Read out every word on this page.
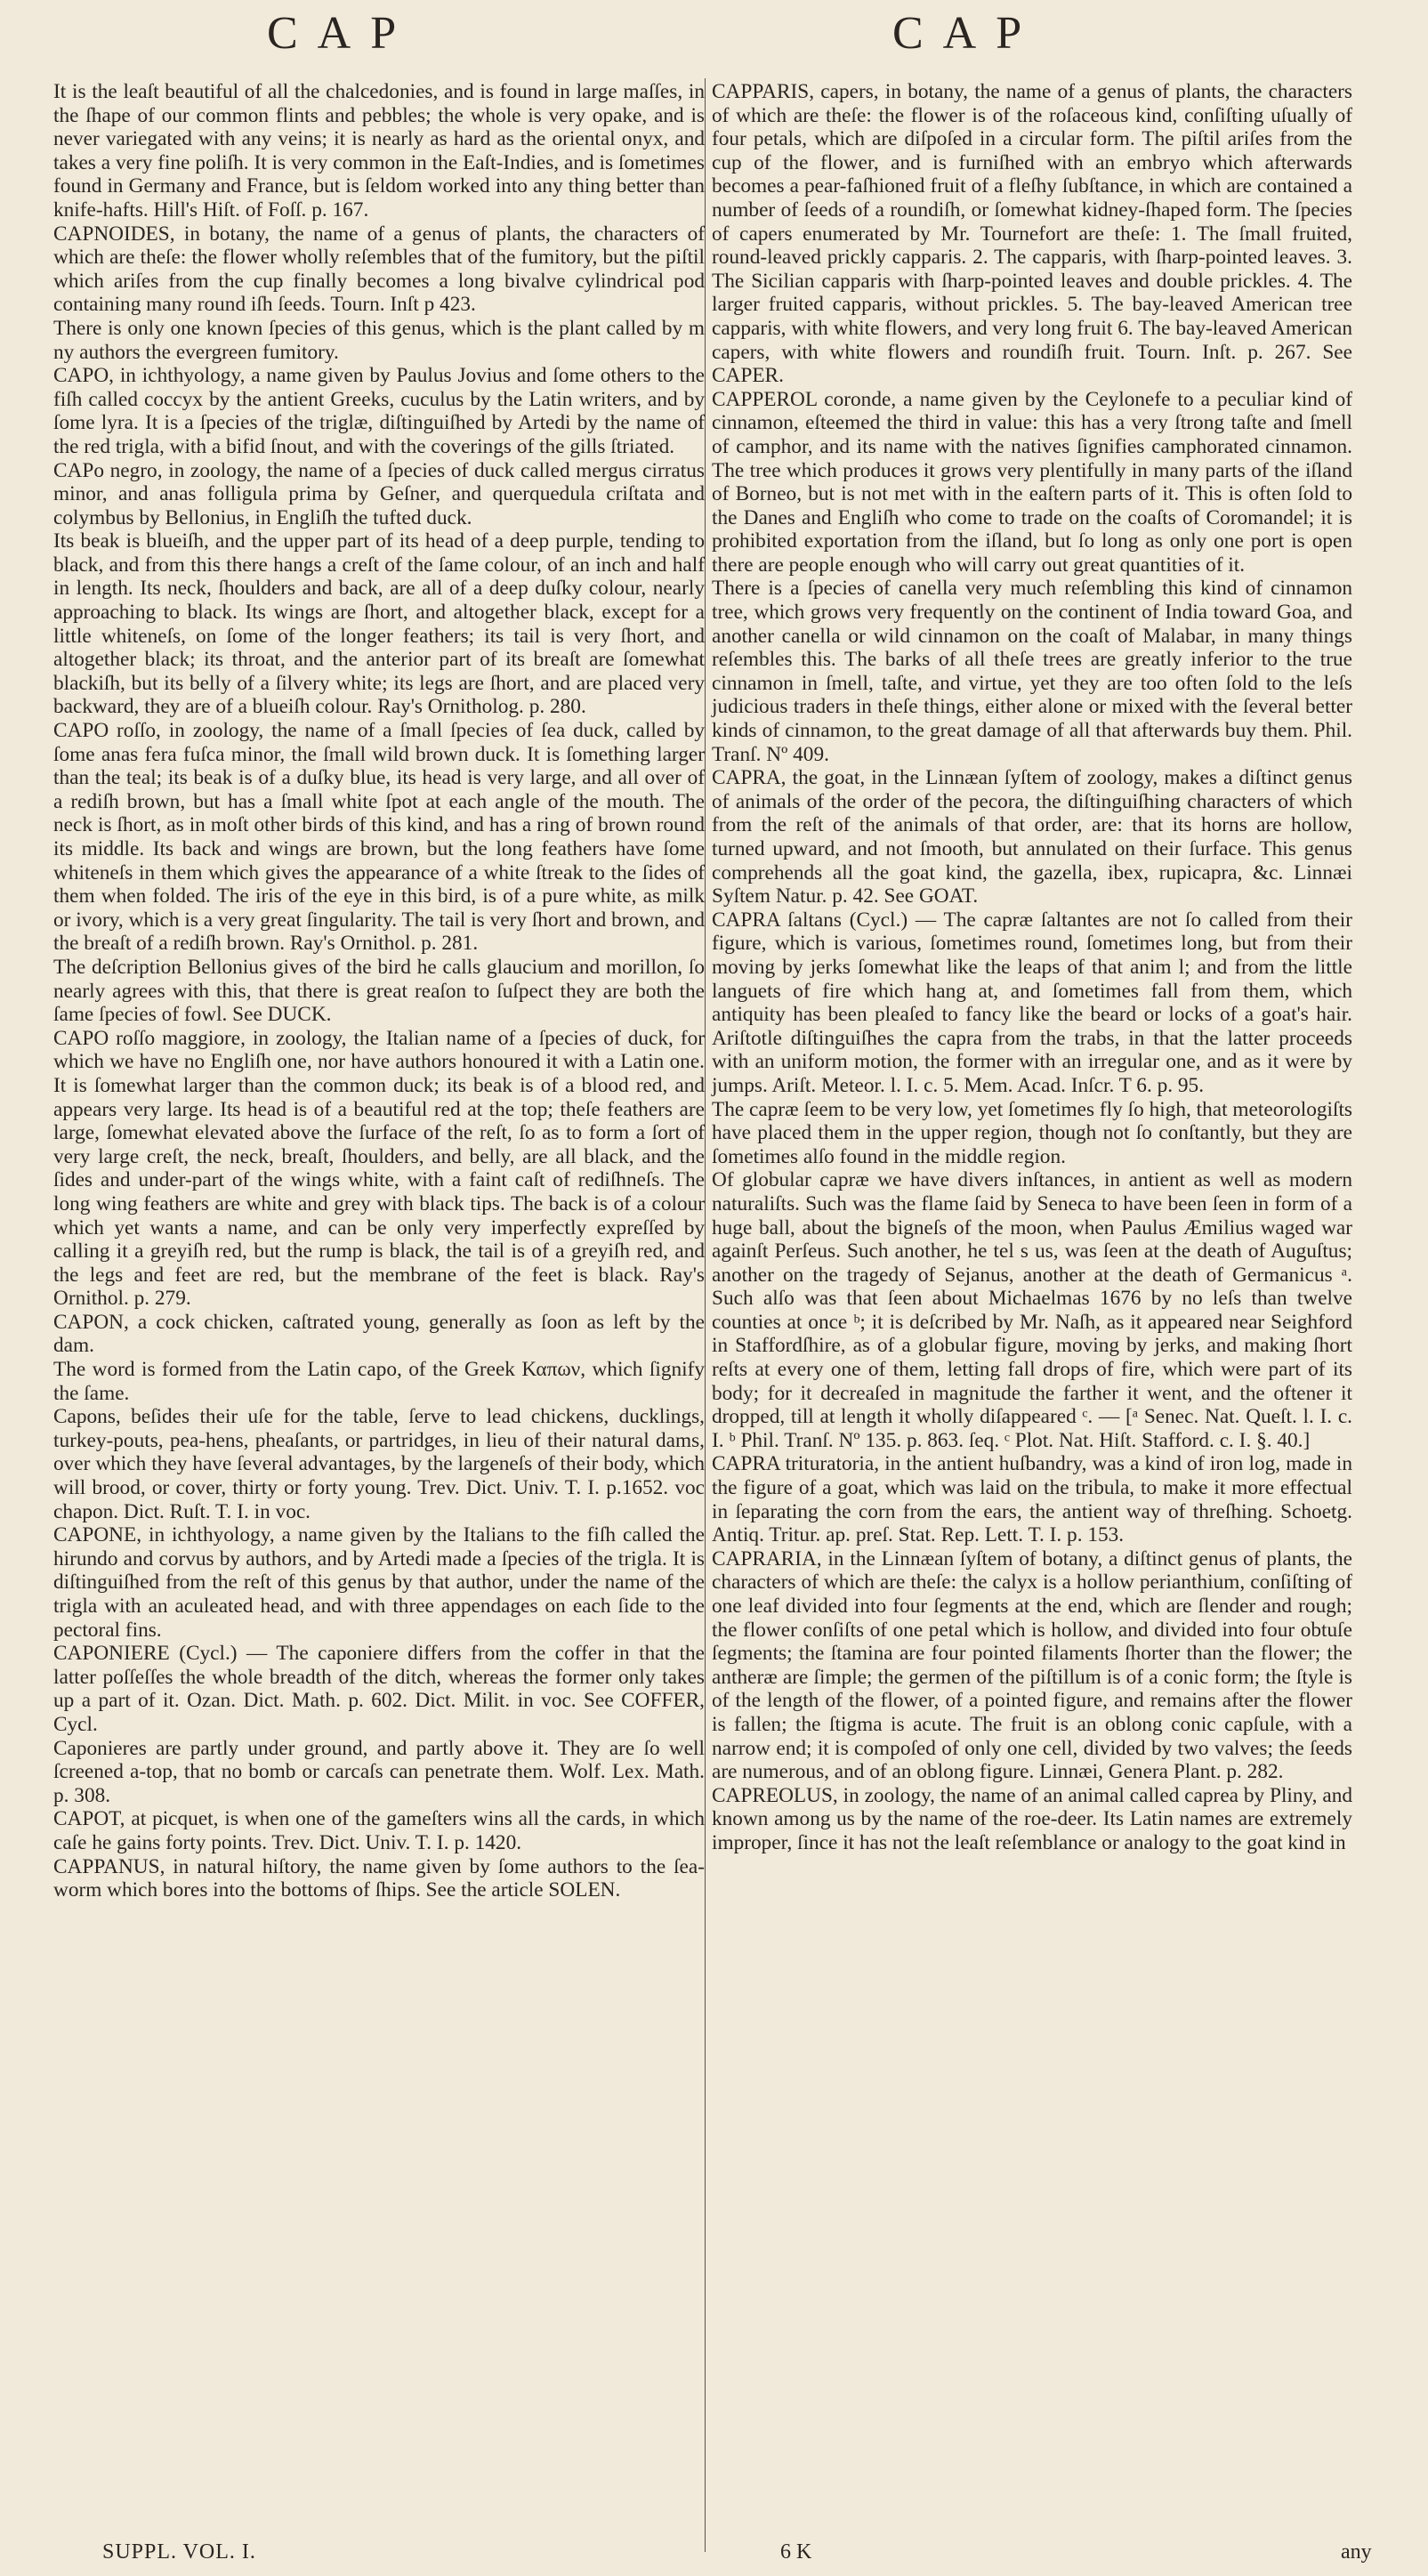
CAP	CAP

It is the leaſt beautiful of all the chalcedonies, and is found in large maſſes, in the ſhape of our common flints and pebbles; the whole is very opake, and is never variegated with any veins; it is nearly as hard as the oriental onyx, and takes a very fine poliſh. It is very common in the Eaſt-Indies, and is ſometimes found in Germany and France, but is ſeldom worked into any thing better than knife-hafts. Hill's Hiſt. of Foſſ. p. 167.

CAPNOIDES, in botany, the name of a genus of plants, the characters of which are theſe: the flower wholly reſembles that of the fumitory, but the piſtil which ariſes from the cup finally becomes a long bivalve cylindrical pod containing many round iſh ſeeds. Tourn. Inſt p 423.

There is only one known ſpecies of this genus, which is the plant called by m ny authors the evergreen fumitory.

CAPO, in ichthyology, a name given by Paulus Jovius and ſome others to the fiſh called coccyx by the antient Greeks, cuculus by the Latin writers, and by ſome lyra. It is a ſpecies of the triglæ, diſtinguiſhed by Artedi by the name of the red trigla, with a bifid ſnout, and with the coverings of the gills ſtriated.

CAPo negro, in zoology, the name of a ſpecies of duck called mergus cirratus minor, and anas folligula prima by Geſner, and querquedula criſtata and colymbus by Bellonius, in Engliſh the tufted duck.

Its beak is blueiſh, and the upper part of its head of a deep purple, tending to black, and from this there hangs a creſt of the ſame colour, of an inch and half in length. Its neck, ſhoulders and back, are all of a deep duſky colour, nearly approaching to black. Its wings are ſhort, and altogether black, except for a little whiteneſs, on ſome of the longer feathers; its tail is very ſhort, and altogether black; its throat, and the anterior part of its breaſt are ſomewhat blackiſh, but its belly of a ſilvery white; its legs are ſhort, and are placed very backward, they are of a blueiſh colour. Ray's Ornitholog. p. 280.

CAPO roſſo, in zoology, the name of a ſmall ſpecies of ſea duck, called by ſome anas fera fuſca minor, the ſmall wild brown duck. It is ſomething larger than the teal; its beak is of a duſky blue, its head is very large, and all over of a rediſh brown, but has a ſmall white ſpot at each angle of the mouth. The neck is ſhort, as in moſt other birds of this kind, and has a ring of brown round its middle. Its back and wings are brown, but the long feathers have ſome whiteneſs in them which gives the appearance of a white ſtreak to the ſides of them when folded. The iris of the eye in this bird, is of a pure white, as milk or ivory, which is a very great ſingularity. The tail is very ſhort and brown, and the breaſt of a rediſh brown. Ray's Ornithol. p. 281.

The deſcription Bellonius gives of the bird he calls glaucium and morillon, ſo nearly agrees with this, that there is great reaſon to ſuſpect they are both the ſame ſpecies of fowl. See DUCK.

CAPO roſſo maggiore, in zoology, the Italian name of a ſpecies of duck, for which we have no Engliſh one, nor have authors honoured it with a Latin one. It is ſomewhat larger than the common duck; its beak is of a blood red, and appears very large. Its head is of a beautiful red at the top; theſe feathers are large, ſomewhat elevated above the ſurface of the reſt, ſo as to form a ſort of very large creſt, the neck, breaſt, ſhoulders, and belly, are all black, and the ſides and under-part of the wings white, with a faint caſt of rediſhneſs. The long wing feathers are white and grey with black tips. The back is of a colour which yet wants a name, and can be only very imperfectly expreſſed by calling it a greyiſh red, but the rump is black, the tail is of a greyiſh red, and the legs and feet are red, but the membrane of the feet is black. Ray's Ornithol. p. 279.

CAPON, a cock chicken, caſtrated young, generally as ſoon as left by the dam.

The word is formed from the Latin capo, of the Greek Καπων, which ſignify the ſame.

Capons, beſides their uſe for the table, ſerve to lead chickens, ducklings, turkey-pouts, pea-hens, pheaſants, or partridges, in lieu of their natural dams, over which they have ſeveral advantages, by the largeneſs of their body, which will brood, or cover, thirty or forty young. Trev. Dict. Univ. T. I. p.1652. voc chapon. Dict. Ruſt. T. I. in voc.

CAPONE, in ichthyology, a name given by the Italians to the fiſh called the hirundo and corvus by authors, and by Artedi made a ſpecies of the trigla. It is diſtinguiſhed from the reſt of this genus by that author, under the name of the trigla with an aculeated head, and with three appendages on each ſide to the pectoral fins.

CAPONIERE (Cycl.) — The caponiere differs from the coffer in that the latter poſſeſſes the whole breadth of the ditch, whereas the former only takes up a part of it. Ozan. Dict. Math. p. 602. Dict. Milit. in voc. See COFFER, Cycl.

Caponieres are partly under ground, and partly above it. They are ſo well ſcreened a-top, that no bomb or carcaſs can penetrate them. Wolf. Lex. Math. p. 308.

CAPOT, at picquet, is when one of the gameſters wins all the cards, in which caſe he gains forty points. Trev. Dict. Univ. T. I. p. 1420.

CAPPANUS, in natural hiſtory, the name given by ſome authors to the ſea-worm which bores into the bottoms of ſhips. See the article SOLEN.

CAPPARIS, capers, in botany, the name of a genus of plants, the characters of which are theſe: the flower is of the roſaceous kind, conſiſting uſually of four petals, which are diſpoſed in a circular form. The piſtil ariſes from the cup of the flower, and is furniſhed with an embryo which afterwards becomes a pear-faſhioned fruit of a fleſhy ſubſtance, in which are contained a number of ſeeds of a roundiſh, or ſomewhat kidney-ſhaped form. The ſpecies of capers enumerated by Mr. Tournefort are theſe: 1. The ſmall fruited, round-leaved prickly capparis. 2. The capparis, with ſharp-pointed leaves. 3. The Sicilian capparis with ſharp-pointed leaves and double prickles. 4. The larger fruited capparis, without prickles. 5. The bay-leaved American tree capparis, with white flowers, and very long fruit 6. The bay-leaved American capers, with white flowers and roundiſh fruit. Tourn. Inſt. p. 267. See CAPER.

CAPPEROL coronde, a name given by the Ceylonefe to a peculiar kind of cinnamon, eſteemed the third in value: this has a very ſtrong taſte and ſmell of camphor, and its name with the natives ſignifies camphorated cinnamon. The tree which produces it grows very plentifully in many parts of the iſland of Borneo, but is not met with in the eaſtern parts of it. This is often ſold to the Danes and Engliſh who come to trade on the coaſts of Coromandel; it is prohibited exportation from the iſland, but ſo long as only one port is open there are people enough who will carry out great quantities of it.

There is a ſpecies of canella very much reſembling this kind of cinnamon tree, which grows very frequently on the continent of India toward Goa, and another canella or wild cinnamon on the coaſt of Malabar, in many things reſembles this. The barks of all theſe trees are greatly inferior to the true cinnamon in ſmell, taſte, and virtue, yet they are too often ſold to the leſs judicious traders in theſe things, either alone or mixed with the ſeveral better kinds of cinnamon, to the great damage of all that afterwards buy them. Phil. Tranſ. Nº 409.

CAPRA, the goat, in the Linnæan ſyſtem of zoology, makes a diſtinct genus of animals of the order of the pecora, the diſtinguiſhing characters of which from the reſt of the animals of that order, are: that its horns are hollow, turned upward, and not ſmooth, but annulated on their ſurface. This genus comprehends all the goat kind, the gazella, ibex, rupicapra, &c. Linnæi Syſtem Natur. p. 42. See GOAT.

CAPRA ſaltans (Cycl.) — The capræ ſaltantes are not ſo called from their figure, which is various, ſometimes round, ſometimes long, but from their moving by jerks ſomewhat like the leaps of that anim l; and from the little languets of fire which hang at, and ſometimes fall from them, which antiquity has been pleaſed to fancy like the beard or locks of a goat's hair. Ariſtotle diſtinguiſhes the capra from the trabs, in that the latter proceeds with an uniform motion, the former with an irregular one, and as it were by jumps. Ariſt. Meteor. l. I. c. 5. Mem. Acad. Inſcr. T 6. p. 95.

The capræ ſeem to be very low, yet ſometimes fly ſo high, that meteorologiſts have placed them in the upper region, though not ſo conſtantly, but they are ſometimes alſo found in the middle region.

Of globular capræ we have divers inſtances, in antient as well as modern naturaliſts. Such was the flame ſaid by Seneca to have been ſeen in form of a huge ball, about the bigneſs of the moon, when Paulus Æmilius waged war againſt Perſeus. Such another, he tel s us, was ſeen at the death of Auguſtus; another on the tragedy of Sejanus, another at the death of Germanicus ᵃ. Such alſo was that ſeen about Michaelmas 1676 by no leſs than twelve counties at once ᵇ; it is deſcribed by Mr. Naſh, as it appeared near Seighford in Staffordſhire, as of a globular figure, moving by jerks, and making ſhort reſts at every one of them, letting fall drops of fire, which were part of its body; for it decreaſed in magnitude the farther it went, and the oftener it dropped, till at length it wholly diſappeared ᶜ. — [ᵃ Senec. Nat. Queſt. l. I. c. I. ᵇ Phil. Tranſ. Nº 135. p. 863. ſeq. ᶜ Plot. Nat. Hiſt. Stafford. c. I. §. 40.]

CAPRA trituratoria, in the antient huſbandry, was a kind of iron log, made in the figure of a goat, which was laid on the tribula, to make it more effectual in ſeparating the corn from the ears, the antient way of threſhing. Schoetg. Antiq. Tritur. ap. preſ. Stat. Rep. Lett. T. I. p. 153.

CAPRARIA, in the Linnæan ſyſtem of botany, a diſtinct genus of plants, the characters of which are theſe: the calyx is a hollow perianthium, conſiſting of one leaf divided into four ſegments at the end, which are ſlender and rough; the flower conſiſts of one petal which is hollow, and divided into four obtuſe ſegments; the ſtamina are four pointed filaments ſhorter than the flower; the antheræ are ſimple; the germen of the piſtillum is of a conic form; the ſtyle is of the length of the flower, of a pointed figure, and remains after the flower is fallen; the ſtigma is acute. The fruit is an oblong conic capſule, with a narrow end; it is compoſed of only one cell, divided by two valves; the ſeeds are numerous, and of an oblong figure. Linnæi, Genera Plant. p. 282.

CAPREOLUS, in zoology, the name of an animal called caprea by Pliny, and known among us by the name of the roe-deer. Its Latin names are extremely improper, ſince it has not the leaſt reſemblance or analogy to the goat kind in

SUPPL. VOL. I.	6 K	any
